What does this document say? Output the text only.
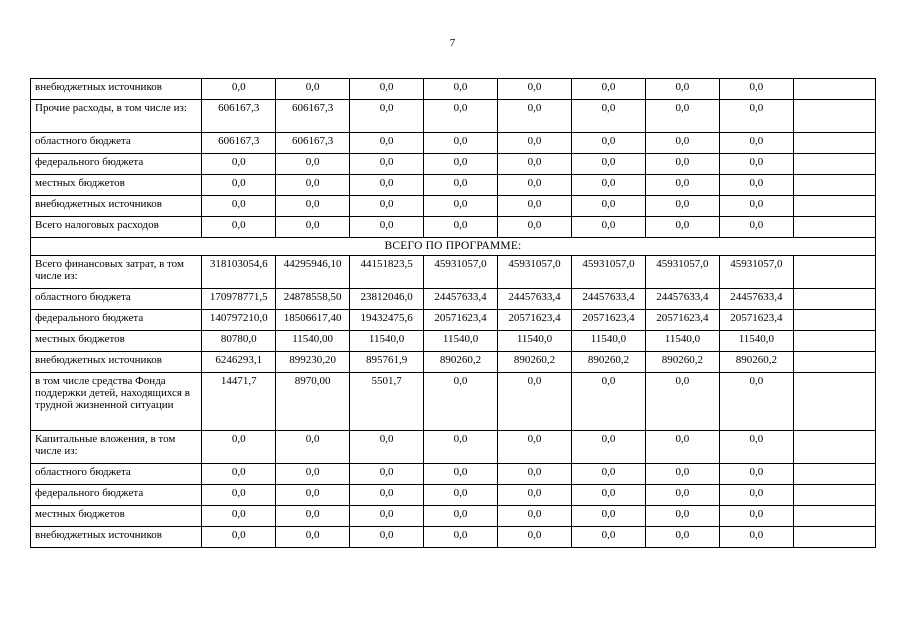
7
внебюджетных источников	0,0	0,0	0,0	0,0	0,0	0,0	0,0	0,0	
Прочие расходы, в том числе из:	606167,3	606167,3	0,0	0,0	0,0	0,0	0,0	0,0	
областного бюджета	606167,3	606167,3	0,0	0,0	0,0	0,0	0,0	0,0	
федерального бюджета	0,0	0,0	0,0	0,0	0,0	0,0	0,0	0,0	
местных бюджетов	0,0	0,0	0,0	0,0	0,0	0,0	0,0	0,0	
внебюджетных источников	0,0	0,0	0,0	0,0	0,0	0,0	0,0	0,0	
Всего налоговых расходов	0,0	0,0	0,0	0,0	0,0	0,0	0,0	0,0	
ВСЕГО ПО ПРОГРАММЕ:									
Всего финансовых затрат, в том числе из:	318103054,6	44295946,10	44151823,5	45931057,0	45931057,0	45931057,0	45931057,0	45931057,0	
областного бюджета	170978771,5	24878558,50	23812046,0	24457633,4	24457633,4	24457633,4	24457633,4	24457633,4	
федерального бюджета	140797210,0	18506617,40	19432475,6	20571623,4	20571623,4	20571623,4	20571623,4	20571623,4	
местных бюджетов	80780,0	11540,00	11540,0	11540,0	11540,0	11540,0	11540,0	11540,0	
внебюджетных источников	6246293,1	899230,20	895761,9	890260,2	890260,2	890260,2	890260,2	890260,2	
в том числе средства Фонда поддержки детей, находящихся в трудной жизненной ситуации	14471,7	8970,00	5501,7	0,0	0,0	0,0	0,0	0,0	
Капитальные вложения, в том числе из:	0,0	0,0	0,0	0,0	0,0	0,0	0,0	0,0	
областного бюджета	0,0	0,0	0,0	0,0	0,0	0,0	0,0	0,0	
федерального бюджета	0,0	0,0	0,0	0,0	0,0	0,0	0,0	0,0	
местных бюджетов	0,0	0,0	0,0	0,0	0,0	0,0	0,0	0,0	
внебюджетных источников	0,0	0,0	0,0	0,0	0,0	0,0	0,0	0,0	
